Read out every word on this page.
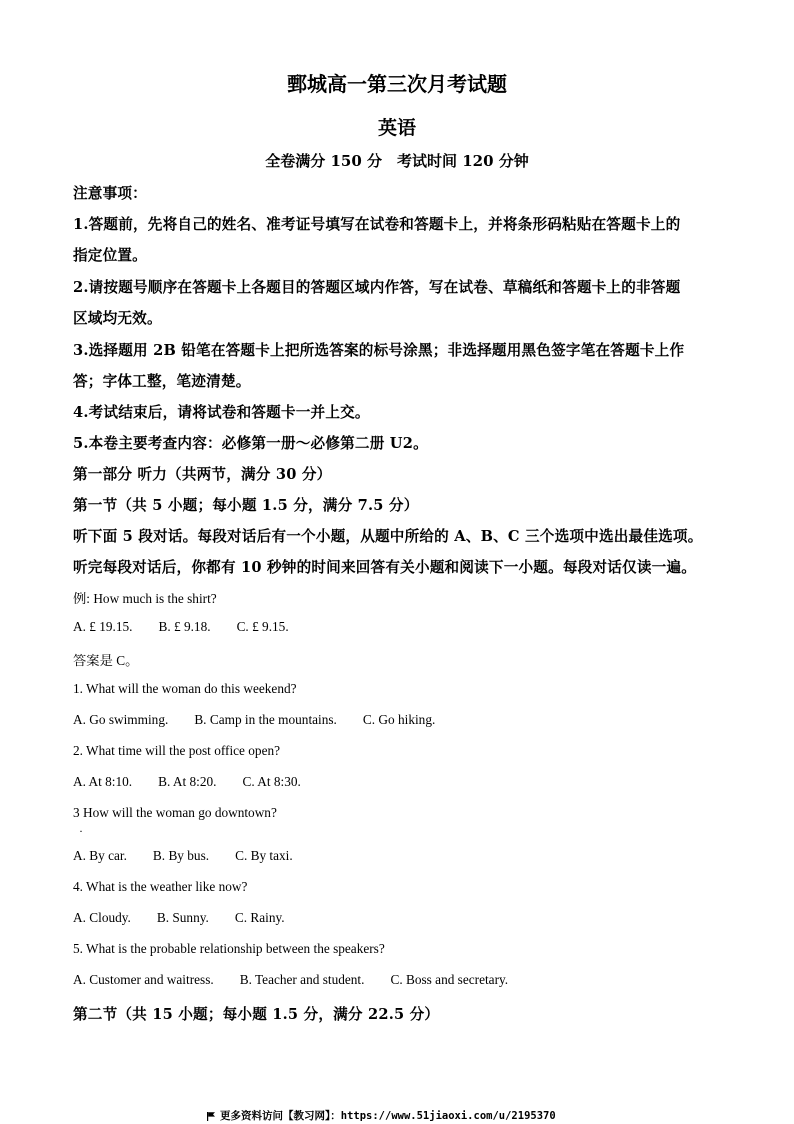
鄄城高一第三次月考试题
英语
全卷满分 150 分　考试时间 120 分钟
注意事项：
1.答题前，先将自己的姓名、准考证号填写在试卷和答题卡上，并将条形码粘贴在答题卡上的
指定位置。
2.请按题号顺序在答题卡上各题目的答题区域内作答，写在试卷、草稿纸和答题卡上的非答题
区域均无效。
3.选择题用 2B 铅笔在答题卡上把所选答案的标号涂黑；非选择题用黑色签字笔在答题卡上作
答；字体工整，笔迹清楚。
4.考试结束后，请将试卷和答题卡一并上交。
5.本卷主要考查内容：必修第一册～必修第二册 U2。
第一部分 听力（共两节，满分 30 分）
第一节（共 5 小题；每小题 1.5 分，满分 7.5 分）
听下面 5 段对话。每段对话后有一个小题，从题中所给的 A、B、C 三个选项中选出最佳选项。
听完每段对话后，你都有 10 秒钟的时间来回答有关小题和阅读下一小题。每段对话仅读一遍。
例: How much is the shirt?
A. £ 19.15. B. £ 9.18. C. £ 9.15.
答案是 C。
1. What will the woman do this weekend?
A. Go swimming. B. Camp in the mountains. C. Go hiking.
2. What time will the post office open?
A. At 8:10. B. At 8:20. C. At 8:30.
3 How will the woman go downtown?
·
A. By car. B. By bus. C. By taxi.
4. What is the weather like now?
A. Cloudy. B. Sunny. C. Rainy.
5. What is the probable relationship between the speakers?
A. Customer and waitress. B. Teacher and student. C. Boss and secretary.
第二节（共 15 小题；每小题 1.5 分，满分 22.5 分）
更多资料访问【教习网】：https://www.51jiaoxi.com/u/2195370
